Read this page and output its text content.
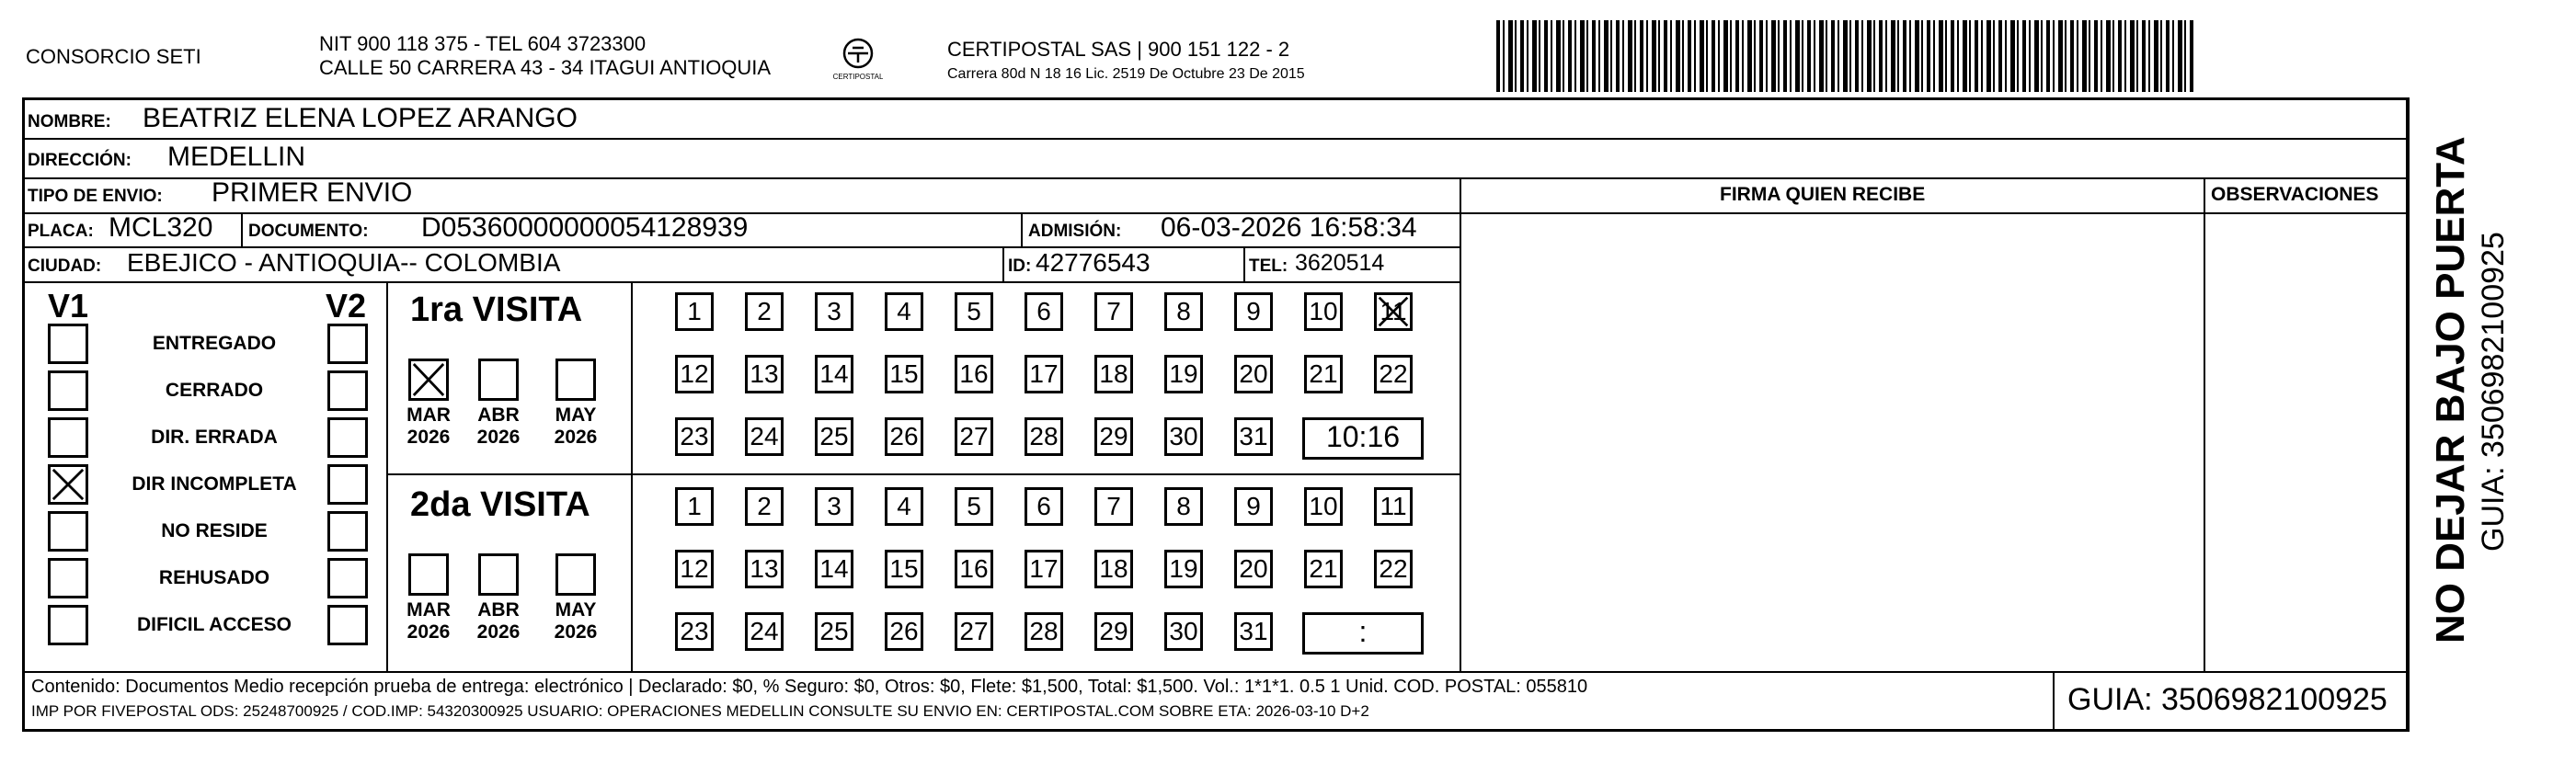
CONSORCIO SETI
NIT 900 118 375 - TEL 604 3723300
CALLE 50 CARRERA 43 - 34 ITAGUI ANTIOQUIA	CERTIPOSTAL
CERTIPOSTAL SAS | 900 151 122 - 2
Carrera 80d N 18 16 Lic. 2519 De Octubre 23 De 2015
NOMBRE: BEATRIZ ELENA LOPEZ ARANGO
DIRECCIÓN: MEDELLIN
TIPO DE ENVIO: PRIMER ENVIO	FIRMA QUIEN RECIBE	OBSERVACIONES
PLACA: MCL320 DOCUMENTO: D05360000000054128939	ADMISIÓN: 06-03-2026 16:58:34
CIUDAD: EBEJICO - ANTIOQUIA-- COLOMBIA	ID: 42776543	TEL: 3620514
V1	V2
ENTREGADO
CERRADO
DIR. ERRADA
DIR INCOMPLETA
NO RESIDE
REHUSADO
DIFICIL ACCESO
1ra VISITA
2da VISITA
MAR
2026
ABR
2026
MAY
2026
1	2	3	4	5	6	7	8	9	10 11
12 13 14 15 16 17 18 19 20 21 22
23 24 25 26 27 28 29 30 31	10:16
MAR
2026
ABR
2026
MAY
2026
1	2	3	4	5	6	7	8	9	10 11
12 13 14 15 16 17 18 19 20 21 22
23 24 25 26 27 28 29 30 31	:
Contenido: Documentos Medio recepción prueba de entrega: electrónico | Declarado: $0, % Seguro: $0, Otros: $0, Flete: $1,500, Total: $1,500. Vol.: 1*1*1. 0.5 1 Unid. COD. POSTAL: 055810
IMP POR FIVEPOSTAL ODS: 25248700925 / COD.IMP: 54320300925 USUARIO: OPERACIONES MEDELLIN CONSULTE SU ENVIO EN: CERTIPOSTAL.COM SOBRE ETA: 2026-03-10 D+2	GUIA: 3506982100925
NO DEJAR BAJO PUERTA GUIA: 3506982100925
